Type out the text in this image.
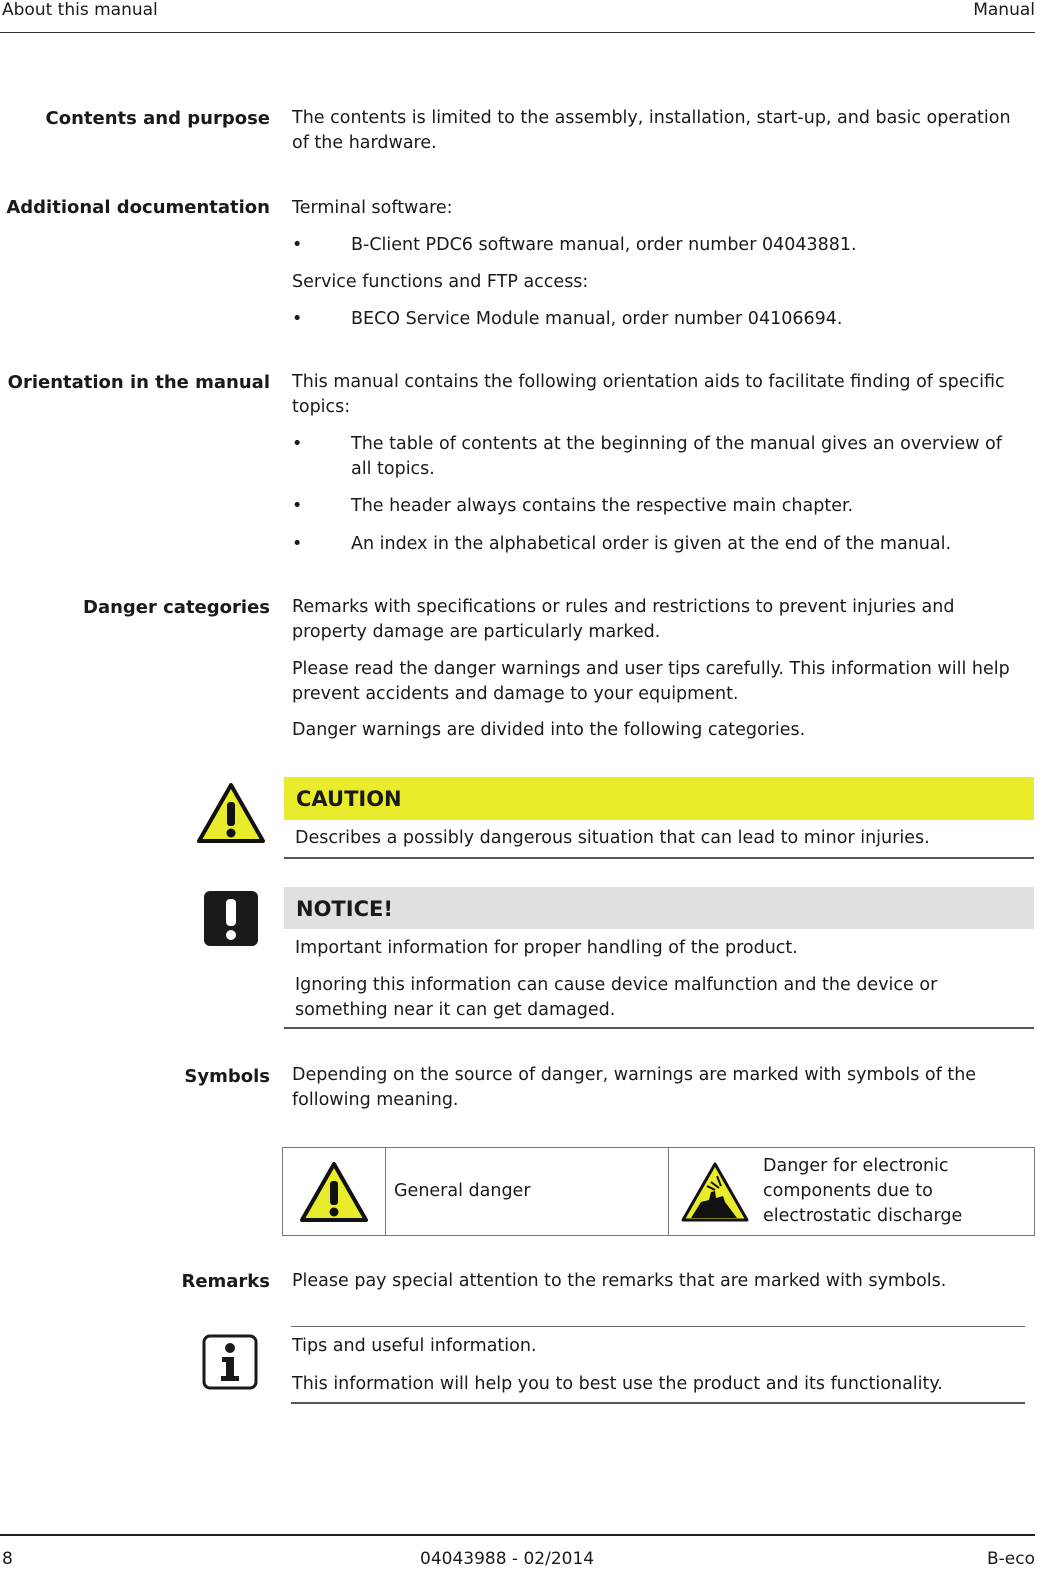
About this manual	Manual
Contents and purpose The contents is limited to the assembly, installation, start-up, and basic operation of the hardware.
Additional documentation Terminal software:
•	B-Client PDC6 software manual, order number 04043881.
Service functions and FTP access:
•	BECO Service Module manual, order number 04106694.
Orientation in the manual This manual contains the following orientation aids to facilitate finding of specific topics:
•	The table of contents at the beginning of the manual gives an overview of all topics.
•	The header always contains the respective main chapter.
•	An index in the alphabetical order is given at the end of the manual.
Danger categories Remarks with specifications or rules and restrictions to prevent injuries and property damage are particularly marked.
Please read the danger warnings and user tips carefully. This information will help prevent accidents and damage to your equipment.
Danger warnings are divided into the following categories.
CAUTION
Describes a possibly dangerous situation that can lead to minor injuries.
NOTICE!
Important information for proper handling of the product.
Ignoring this information can cause device malfunction and the device or something near it can get damaged.
Symbols Depending on the source of danger, warnings are marked with symbols of the following meaning.
	General danger	
	Danger for electronic components due to electrostatic discharge
Remarks Please pay special attention to the remarks that are marked with symbols.
Tips and useful information.
This information will help you to best use the product and its functionality.
8	04043988 - 02/2014	B-eco
